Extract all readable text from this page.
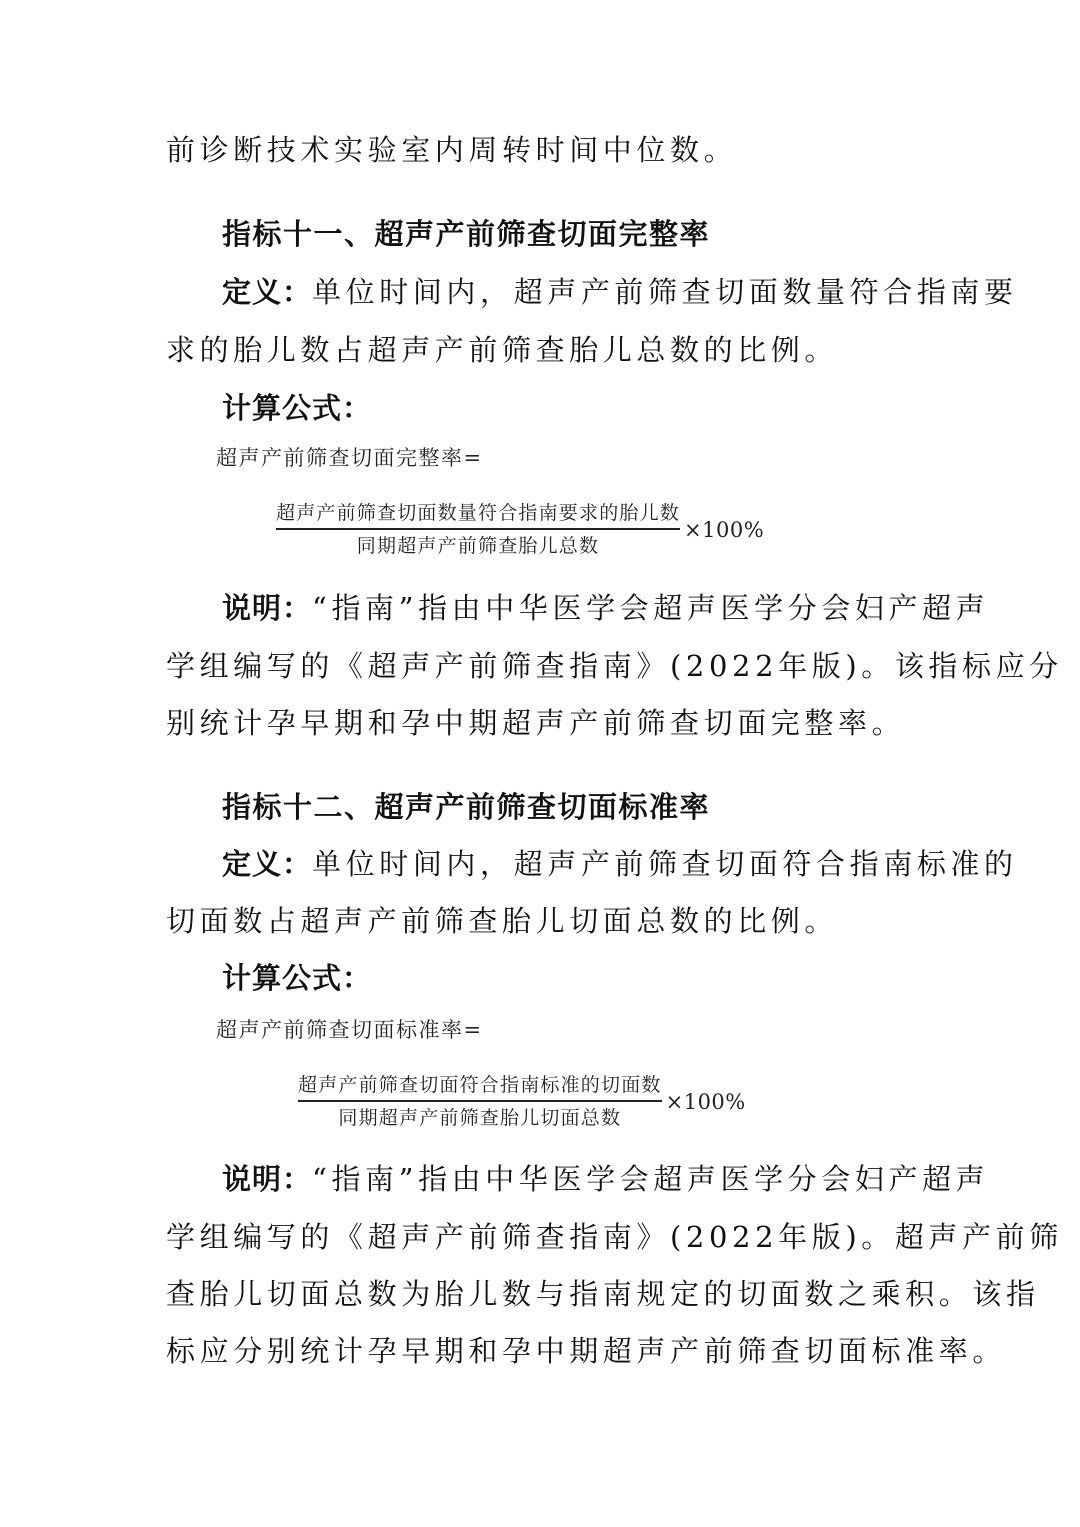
前诊断技术实验室内周转时间中位数。
指标十一、超声产前筛查切面完整率
定义：单位时间内，超声产前筛查切面数量符合指南要
求的胎儿数占超声产前筛查胎儿总数的比例。
计算公式：
超声产前筛查切面完整率=
$\frac{\text{超声产前筛查切面数量符合指南要求的胎儿数}}{\text{同期超声产前筛查胎儿总数}} \times 100\%$
说明：“指南”指由中华医学会超声医学分会妇产超声
学组编写的《超声产前筛查指南》(2022年版)。该指标应分
别统计孕早期和孕中期超声产前筛查切面完整率。
指标十二、超声产前筛查切面标准率
定义：单位时间内，超声产前筛查切面符合指南标准的
切面数占超声产前筛查胎儿切面总数的比例。
计算公式：
超声产前筛查切面标准率=
$\frac{\text{超声产前筛查切面符合指南标准的切面数}}{\text{同期超声产前筛查胎儿切面总数}} \times 100\%$
说明：“指南”指由中华医学会超声医学分会妇产超声
学组编写的《超声产前筛查指南》(2022年版)。超声产前筛
查胎儿切面总数为胎儿数与指南规定的切面数之乘积。该指
标应分别统计孕早期和孕中期超声产前筛查切面标准率。
